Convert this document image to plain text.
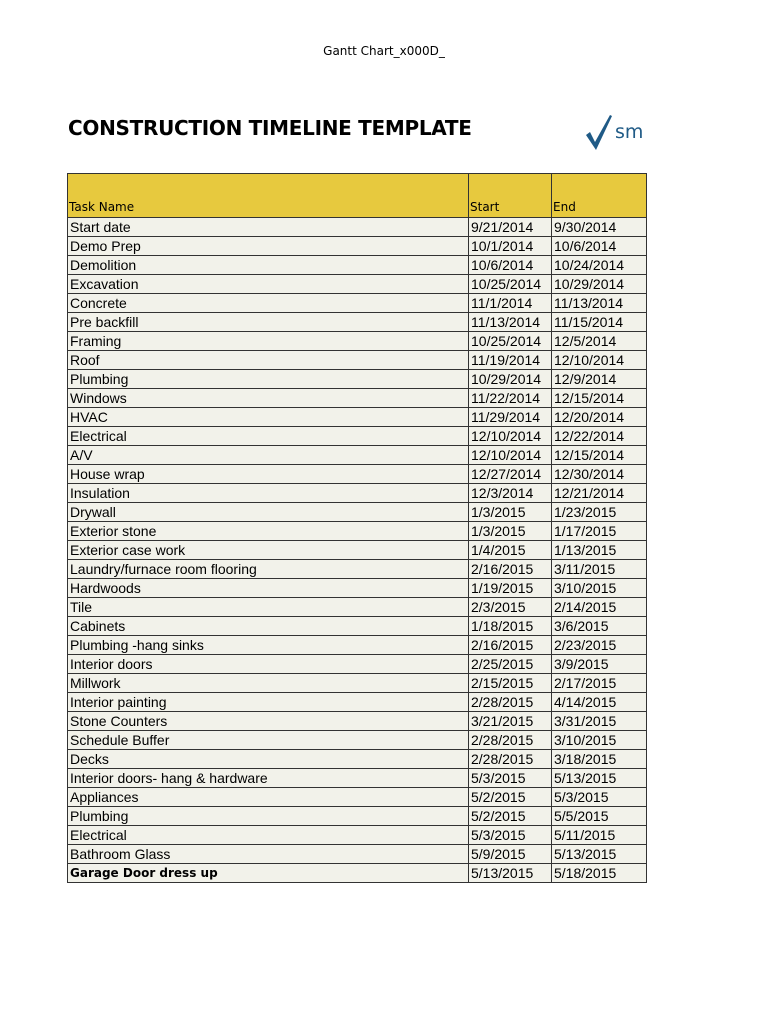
Gantt Chart_x000D_
CONSTRUCTION TIMELINE TEMPLATE	sm
Task Name	Start	End
Start date	9/21/2014	9/30/2014
Demo Prep	10/1/2014	10/6/2014
Demolition	10/6/2014	10/24/2014
Excavation	10/25/2014	10/29/2014
Concrete	11/1/2014	11/13/2014
Pre backfill	11/13/2014	11/15/2014
Framing	10/25/2014	12/5/2014
Roof	11/19/2014	12/10/2014
Plumbing	10/29/2014	12/9/2014
Windows	11/22/2014	12/15/2014
HVAC	11/29/2014	12/20/2014
Electrical	12/10/2014	12/22/2014
A/V	12/10/2014	12/15/2014
House wrap	12/27/2014	12/30/2014
Insulation	12/3/2014	12/21/2014
Drywall	1/3/2015	1/23/2015
Exterior stone	1/3/2015	1/17/2015
Exterior case work	1/4/2015	1/13/2015
Laundry/furnace room flooring	2/16/2015	3/11/2015
Hardwoods	1/19/2015	3/10/2015
Tile	2/3/2015	2/14/2015
Cabinets	1/18/2015	3/6/2015
Plumbing -hang sinks	2/16/2015	2/23/2015
Interior doors	2/25/2015	3/9/2015
Millwork	2/15/2015	2/17/2015
Interior painting	2/28/2015	4/14/2015
Stone Counters	3/21/2015	3/31/2015
Schedule Buffer	2/28/2015	3/10/2015
Decks	2/28/2015	3/18/2015
Interior doors- hang & hardware	5/3/2015	5/13/2015
Appliances	5/2/2015	5/3/2015
Plumbing	5/2/2015	5/5/2015
Electrical	5/3/2015	5/11/2015
Bathroom Glass	5/9/2015	5/13/2015
Garage Door dress up	5/13/2015	5/18/2015
